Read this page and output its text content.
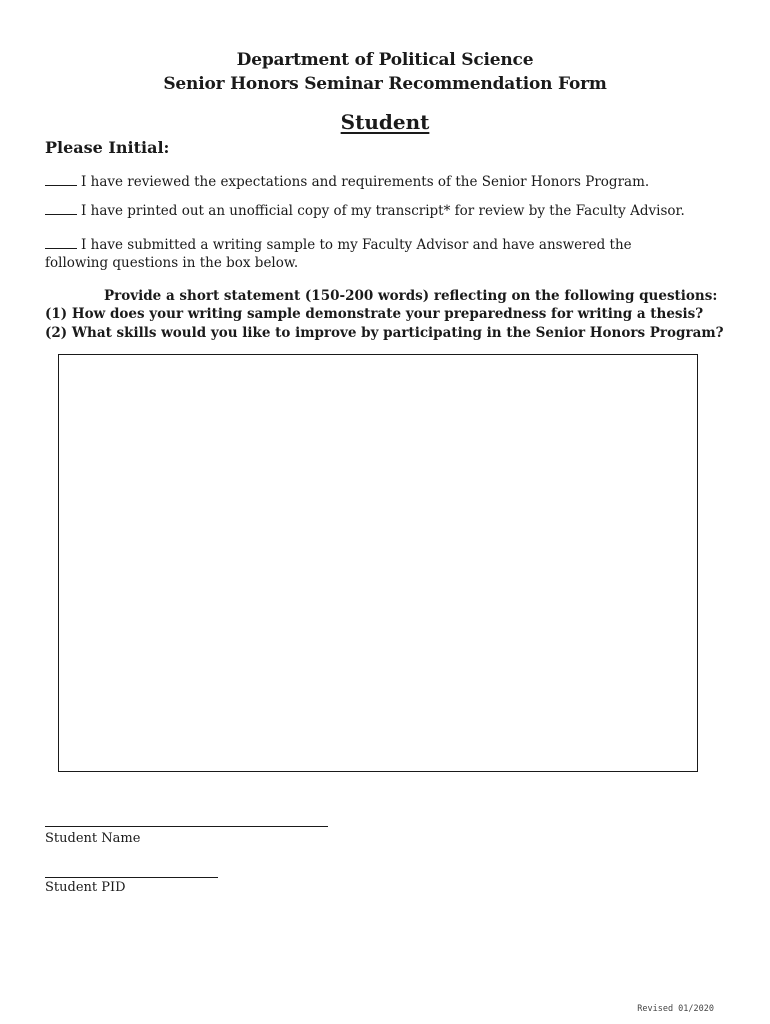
Department of Political Science
Senior Honors Seminar Recommendation Form
Student
Please Initial:
I have reviewed the expectations and requirements of the Senior Honors Program.
I have printed out an unofficial copy of my transcript* for review by the Faculty Advisor.
I have submitted a writing sample to my Faculty Advisor and have answered the following questions in the box below.
Provide a short statement (150-200 words) reflecting on the following questions:
(1) How does your writing sample demonstrate your preparedness for writing a thesis?
(2) What skills would you like to improve by participating in the Senior Honors Program?
Student Name
Student PID
Revised 01/2020
